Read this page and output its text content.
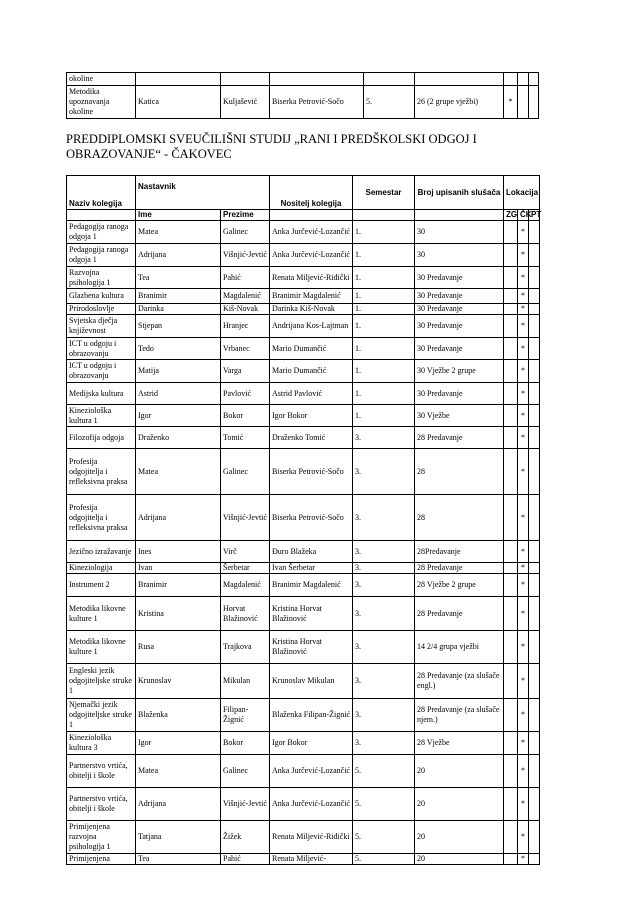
okoline								
Metodika upoznavanja okoline	Katica	Kuljašević	Biserka Petrović-Sočo	5.	26 (2 grupe vježbi)	*		
PREDDIPLOMSKI SVEUČILIŠNI STUDIJ „RANI I PREDŠKOLSKI ODGOJ I OBRAZOVANJE“ - ČAKOVEC
Naziv kolegija	Nastavnik		Nositelj kolegija	Semestar	Broj upisanih slušača	Lokacija		
	Ime	Prezime				ZG	ČK	PT
Pedagogija ranoga odgoja 1	Matea	Galinec	Anka Jurčević-Lozančić	1.	30		*	
Pedagogija ranoga odgoja 1	Adrijana	Višnjić-Jevtić	Anka Jurčević-Lozančić	1.	30		*	
Razvojna psihologija 1	Tea	Pahić	Renata Miljević-Riđički	1.	30 Predavanje		*	
Glazbena kultura	Branimir	Magdalenić	Branimir Magdalenić	1.	30 Predavanje		*	
Prirodoslovlje	Darinka	Kiš-Novak	Darinka Kiš-Novak	1.	30 Predavanje		*	
Svjetska dječja književnost	Stjepan	Hranjec	Andrijana Kos-Lajtman	1.	30 Predavanje		*	
ICT u odgoju i obrazovanju	Tedo	Vrbanec	Mario Dumančić	1.	30 Predavanje		*	
ICT u odgoju i obrazovanju	Matija	Varga	Mario Dumančić	1.	30 Vježbe 2 grupe		*	
Medijska kultura	Astrid	Pavlović	Astrid Pavlović	1.	30 Predavanje		*	
Kineziološka kultura 1	Igor	Bokor	Igor Bokor	1.	30 Vježbe		*	
Filozofija odgoja	Draženko	Tomić	Draženko Tomić	3.	28 Predavanje		*	
Profesija odgojitelja i refleksivna praksa	Matea	Galinec	Biserka Petrović-Sočo	3.	28		*	
Profesija odgojitelja i refleksivna praksa	Adrijana	Višnjić-Jevtić	Biserka Petrović-Sočo	3.	28		*	
Jezično izražavanje	Ines	Virč	Đuro Blažeka	3.	28Predavanje		*	
Kineziologija	Ivan	Šerbetar	Ivan Šerbetar	3.	28 Predavanje		*	
Instrument 2	Branimir	Magdalenić	Branimir Magdalenić	3.	28 Vježbe 2 grupe		*	
Metodika likovne kulture 1	Kristina	Horvat Blažinović	Kristina Horvat Blažinović	3.	28 Predavanje		*	
Metodika likovne kulture 1	Rusa	Trajkova	Kristina Horvat Blažinović	3.	14 2/4 grupa vježbi		*	
Engleski jezik odgojiteljske struke 1	Krunoslav	Mikulan	Krunoslav Mikulan	3.	28 Predavanje (za slušače engl.)		*	
Njemački jezik odgojiteljske struke 1	Blaženka	Filipan-Žignić	Blaženka Filipan-Žignić	3.	28 Predavanje (za slušače njem.)		*	
Kineziološka kultura 3	Igor	Bokor	Igor Bokor	3.	28 Vježbe		*	
Partnerstvo vrtića, obitelji i škole	Matea	Galinec	Anka Jurčević-Lozančić	5.	20		*	
Partnerstvo vrtića, obitelji i škole	Adrijana	Višnjić-Jevtić	Anka Jurčević-Lozančić	5.	20		*	
Primijenjena razvojna psihologija 1	Tatjana	Žižek	Renata Miljević-Riđički	5.	20		*	
Primijenjena	Tea	Pahić	Renata Miljević-	5.	20		*	
